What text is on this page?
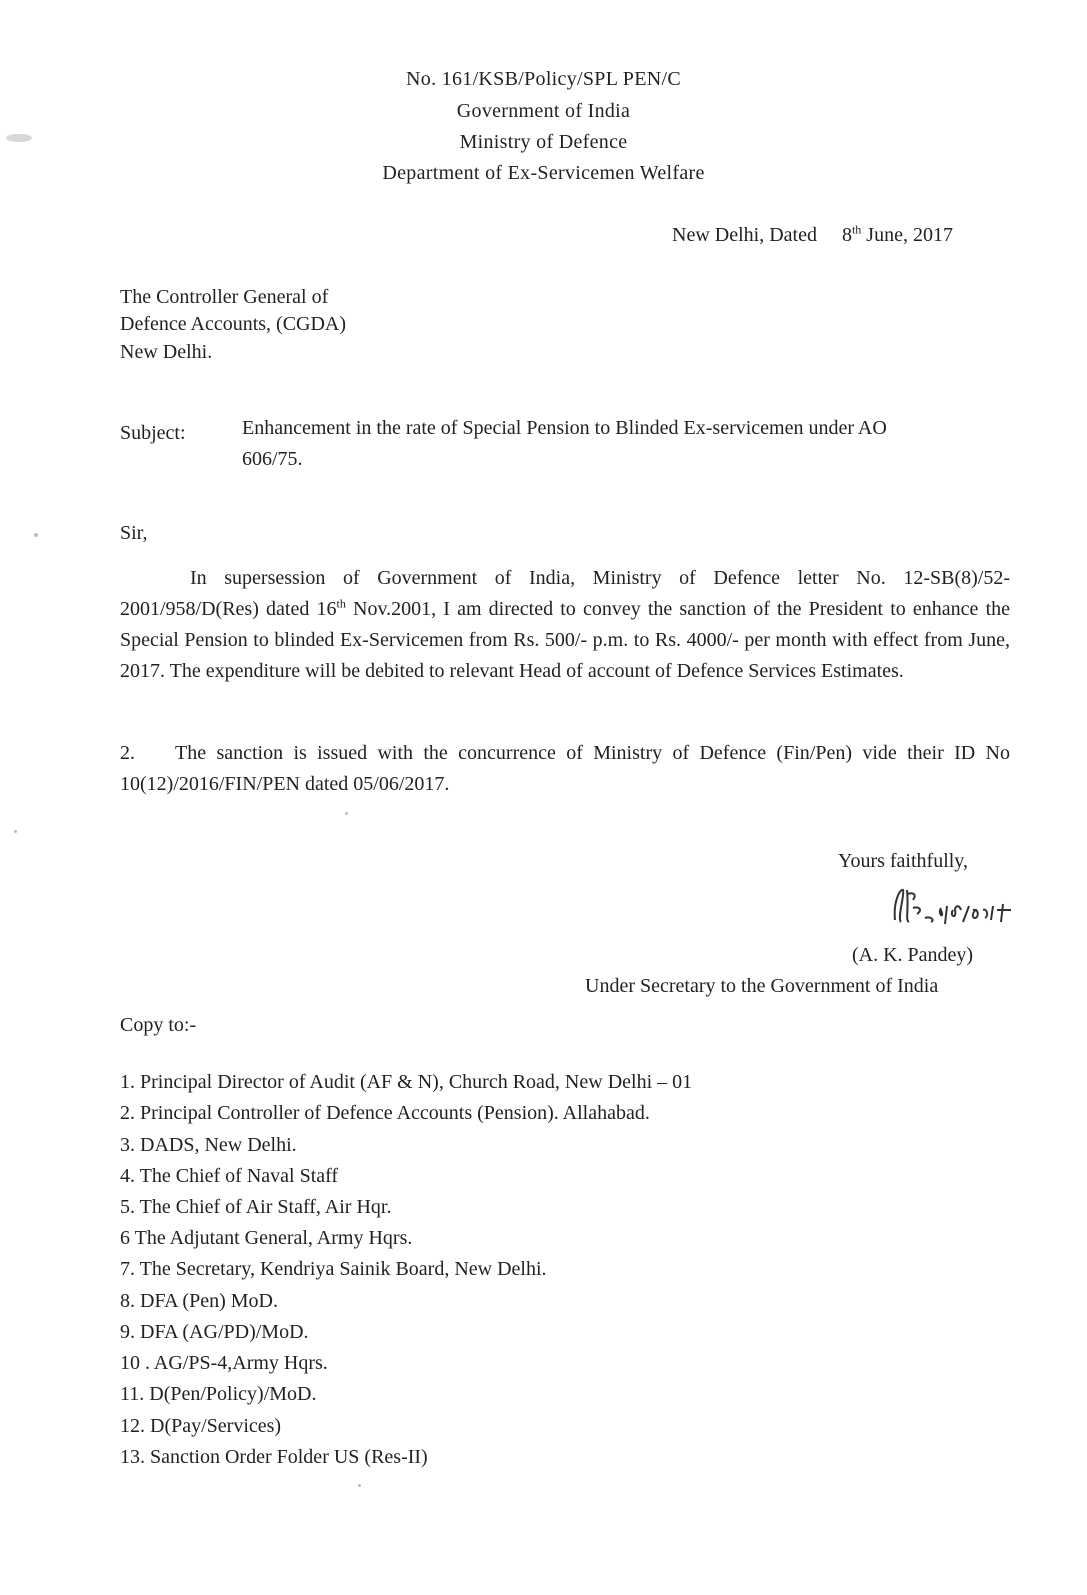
No. 161/KSB/Policy/SPL PEN/C
Government of India
Ministry of Defence
Department of Ex-Servicemen Welfare
New Delhi, Dated 8th June, 2017
The Controller General of
Defence Accounts, (CGDA)
New Delhi.
Subject:	Enhancement in the rate of Special Pension to Blinded Ex-servicemen under AO
606/75.
Sir,
In supersession of Government of India, Ministry of Defence letter No. 12-SB(8)/52-2001/958/D(Res) dated 16th Nov.2001, I am directed to convey the sanction of the President to enhance the Special Pension to blinded Ex-Servicemen from Rs. 500/- p.m. to Rs. 4000/- per month with effect from June, 2017. The expenditure will be debited to relevant Head of account of Defence Services Estimates.
2. The sanction is issued with the concurrence of Ministry of Defence (Fin/Pen) vide their ID No 10(12)/2016/FIN/PEN dated 05/06/2017.
Yours faithfully,
(A. K. Pandey)
Under Secretary to the Government of India
Copy to:-
1. Principal Director of Audit (AF & N), Church Road, New Delhi – 01
2. Principal Controller of Defence Accounts (Pension). Allahabad.
3. DADS, New Delhi.
4. The Chief of Naval Staff
5. The Chief of Air Staff, Air Hqr.
6 The Adjutant General, Army Hqrs.
7. The Secretary, Kendriya Sainik Board, New Delhi.
8. DFA (Pen) MoD.
9. DFA (AG/PD)/MoD.
10 . AG/PS-4,Army Hqrs.
11. D(Pen/Policy)/MoD.
12. D(Pay/Services)
13. Sanction Order Folder US (Res-II)
